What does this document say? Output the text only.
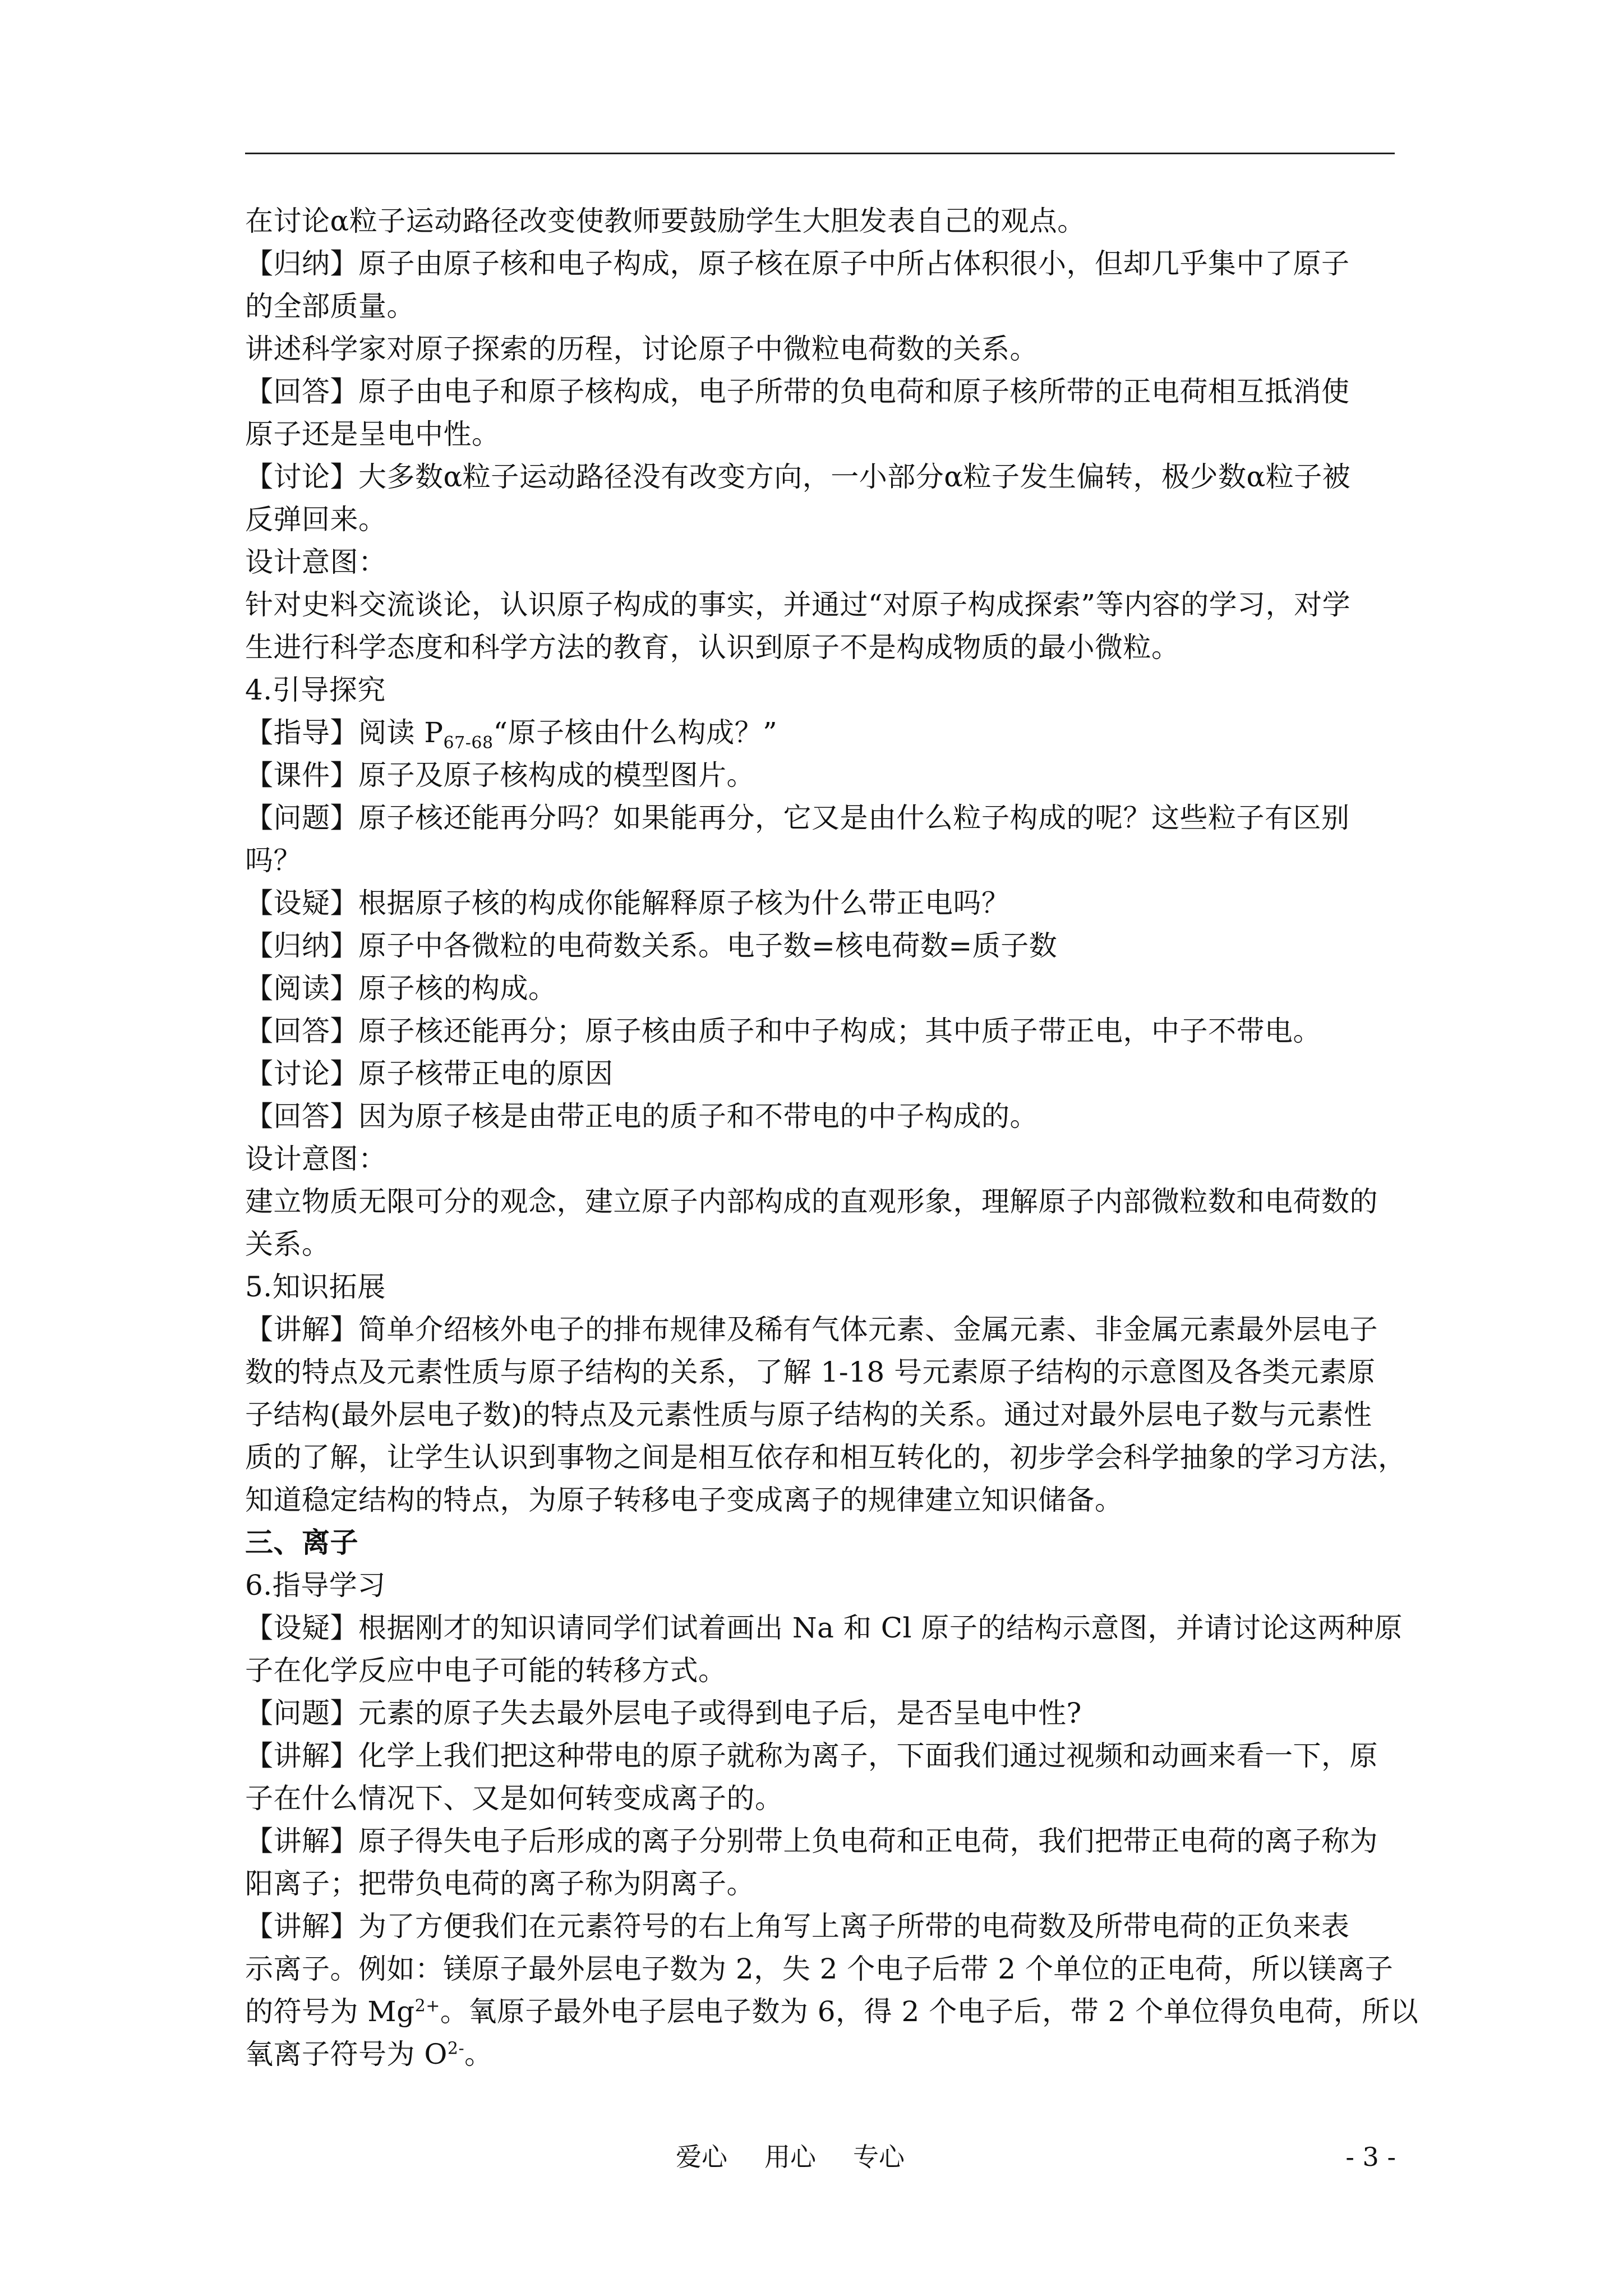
在讨论α粒子运动路径改变使教师要鼓励学生大胆发表自己的观点。
【归纳】原子由原子核和电子构成，原子核在原子中所占体积很小，但却几乎集中了原子
的全部质量。
讲述科学家对原子探索的历程，讨论原子中微粒电荷数的关系。
【回答】原子由电子和原子核构成，电子所带的负电荷和原子核所带的正电荷相互抵消使
原子还是呈电中性。
【讨论】大多数α粒子运动路径没有改变方向，一小部分α粒子发生偏转，极少数α粒子被
反弹回来。
设计意图：
针对史料交流谈论，认识原子构成的事实，并通过“对原子构成探索”等内容的学习，对学
生进行科学态度和科学方法的教育，认识到原子不是构成物质的最小微粒。
4.引导探究
【指导】阅读 $P_{67-68}“$原子核由什么构成？”
【课件】原子及原子核构成的模型图片。
【问题】原子核还能再分吗？如果能再分，它又是由什么粒子构成的呢？这些粒子有区别
吗？
【设疑】根据原子核的构成你能解释原子核为什么带正电吗？
【归纳】原子中各微粒的电荷数关系。电子数=核电荷数=质子数
【阅读】原子核的构成。
【回答】原子核还能再分；原子核由质子和中子构成；其中质子带正电，中子不带电。
【讨论】原子核带正电的原因
【回答】因为原子核是由带正电的质子和不带电的中子构成的。
设计意图：
建立物质无限可分的观念，建立原子内部构成的直观形象，理解原子内部微粒数和电荷数的
关系。
5.知识拓展
【讲解】简单介绍核外电子的排布规律及稀有气体元素、金属元素、非金属元素最外层电子
数的特点及元素性质与原子结构的关系，了解 1-18 号元素原子结构的示意图及各类元素原
子结构(最外层电子数)的特点及元素性质与原子结构的关系。通过对最外层电子数与元素性
质的了解，让学生认识到事物之间是相互依存和相互转化的，初步学会科学抽象的学习方法，
知道稳定结构的特点，为原子转移电子变成离子的规律建立知识储备。
三、离子
6.指导学习
【设疑】根据刚才的知识请同学们试着画出 Na 和 Cl 原子的结构示意图，并请讨论这两种原
子在化学反应中电子可能的转移方式。
【问题】元素的原子失去最外层电子或得到电子后，是否呈电中性?
【讲解】化学上我们把这种带电的原子就称为离子，下面我们通过视频和动画来看一下，原
子在什么情况下、又是如何转变成离子的。
【讲解】原子得失电子后形成的离子分别带上负电荷和正电荷，我们把带正电荷的离子称为
阳离子；把带负电荷的离子称为阴离子。
【讲解】为了方便我们在元素符号的右上角写上离子所带的电荷数及所带电荷的正负来表
示离子。例如：镁原子最外层电子数为 2，失 2 个电子后带 2 个单位的正电荷，所以镁离子
的符号为 $Mg^{2+}$。氧原子最外电子层电子数为 6，得 2 个电子后，带 2 个单位得负电荷，所以
氧离子符号为 $O^{2-}$。
爱心 用心 专心	- 3 -
